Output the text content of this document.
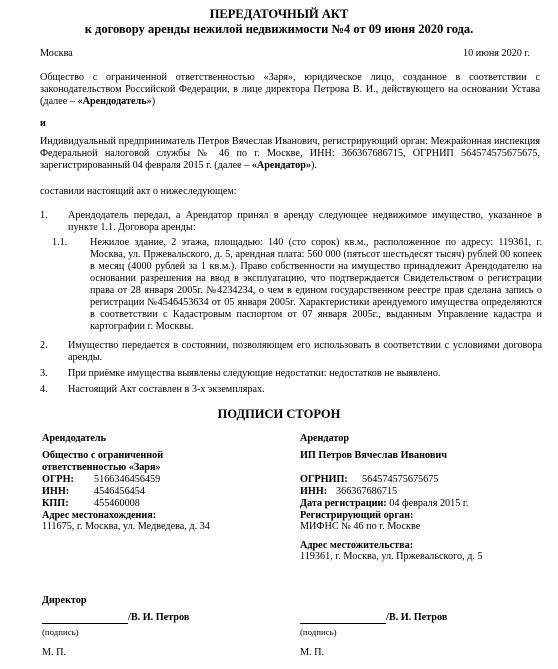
ПЕРЕДАТОЧНЫЙ АКТ
к договору аренды нежилой недвижимости №4 от 09 июня 2020 года.
Москва	10 июня 2020 г.
Общество с ограниченной ответственностью «Заря», юридическое лицо, созданное в соответствии с законодательством Российской Федерации, в лице директора Петрова В. И., действующего на основании Устава (далее – «Арендодатель»)
и
Индивидуальный предприниматель Петров Вячеслав Иванович, регистрирующий орган: Межрайонная инспекция Федеральной налоговой службы № 46 по г. Москве, ИНН: 366367686715, ОГРНИП 564574575675675, зарегистрированный 04 февраля 2015 г. (далее – «Арендатор»).
составили настоящий акт о нижеследующем:
1. Арендодатель передал, а Арендатор принял в аренду следующее недвижимое имущество, указанное в пункте 1.1. Договора аренды:
1.1. Нежилое здание, 2 этажа, площадью: 140 (сто сорок) кв.м., расположенное по адресу: 119361, г. Москва, ул. Пржевальского, д. 5, арендная плата: 560 000 (пятьсот шестьдесят тысяч) рублей 00 копеек в месяц (4000 рублей за 1 кв.м.). Право собственности на имущество принадлежит Арендодателю на основании разрешения на ввод в эксплуатацию, что подтверждается Свидетельством о регистрации права от 28 января 2005г. №4234234, о чем в едином государственном реестре прав сделана запись о регистрации №4546453634 от 05 января 2005г. Характеристики арендуемого имущества определяются в соответствии с Кадастровым паспортом от 07 января 2005г., выданным Управление кадастра и картографии г. Москвы.
2. Имущество передается в состоянии, позволяющем его использовать в соответствии с условиями договора аренды.
3. При приёмке имущества выявлены следующие недостатки: недостатков не выявлено.
4. Настоящий Акт составлен в 3-х экземплярах.
ПОДПИСИ СТОРОН
Арендодатель
Общество с ограниченной
ответственностью «Заря»
ОГРН: 5166346456459
ИНН: 4546456454
КПП: 455460008
Адрес местонахождения:
111675, г. Москва, ул. Медведева, д. 34
Директор
/В. И. Петров
(подпись)
М. П.
Арендатор
ИП Петров Вячеслав Иванович
ОГРНИП: 564574575675675
ИНН: 366367686715
Дата регистрации: 04 февраля 2015 г.
Регистрирующий орган:
МИФНС № 46 по г. Москве
Адрес местожительства:
119361, г. Москва, ул. Пржевальского, д. 5
/В. И. Петров
(подпись)
М. П.
